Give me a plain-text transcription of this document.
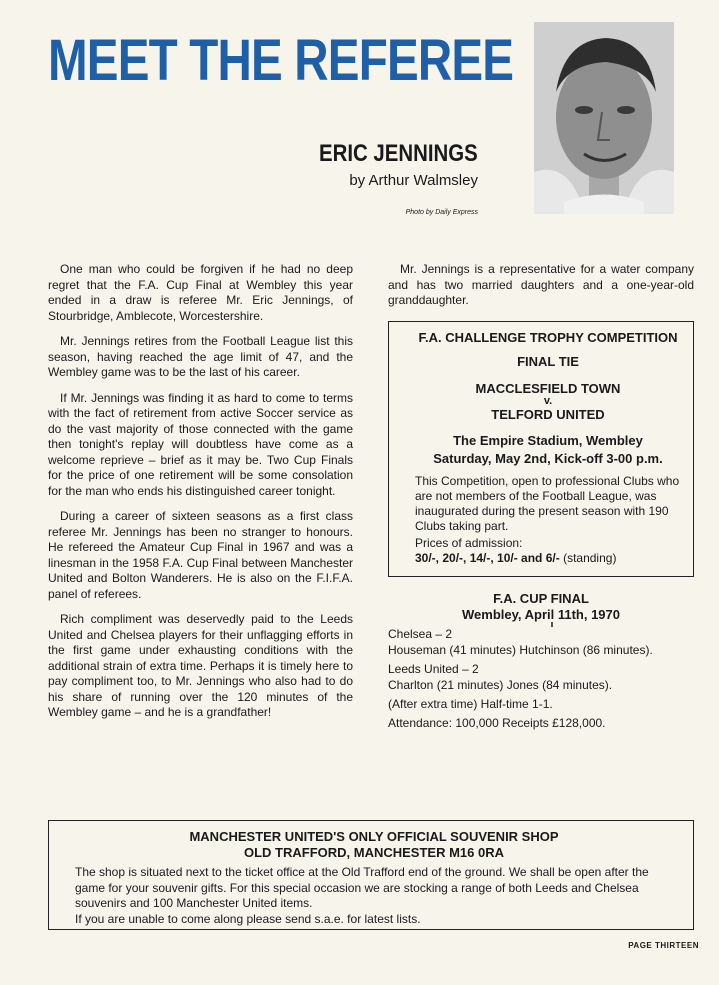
MEET THE REFEREE
ERIC JENNINGS
by Arthur Walmsley
Photo by Daily Express

One man who could be forgiven if he had no deep regret that the F.A. Cup Final at Wembley this year ended in a draw is referee Mr. Eric Jennings, of Stourbridge, Amblecote, Worcestershire.

Mr. Jennings retires from the Football League list this season, having reached the age limit of 47, and the Wembley game was to be the last of his career.

If Mr. Jennings was finding it as hard to come to terms with the fact of retirement from active Soccer service as do the vast majority of those connected with the game then tonight's replay will doubtless have come as a welcome reprieve – brief as it may be. Two Cup Finals for the price of one retirement will be some consolation for the man who ends his distinguished career tonight.

During a career of sixteen seasons as a first class referee Mr. Jennings has been no stranger to honours. He refereed the Amateur Cup Final in 1967 and was a linesman in the 1958 F.A. Cup Final between Manchester United and Bolton Wanderers. He is also on the F.I.F.A. panel of referees.

Rich compliment was deservedly paid to the Leeds United and Chelsea players for their unflagging efforts in the first game under exhausting conditions with the additional strain of extra time. Perhaps it is timely here to pay compliment too, to Mr. Jennings who also had to do his share of running over the 120 minutes of the Wembley game – and he is a grandfather!

Mr. Jennings is a representative for a water company and has two married daughters and a one-year-old granddaughter.

F.A. CHALLENGE TROPHY COMPETITION
FINAL TIE
MACCLESFIELD TOWN
v.
TELFORD UNITED
The Empire Stadium, Wembley
Saturday, May 2nd, Kick-off 3-00 p.m.
This Competition, open to professional Clubs who are not members of the Football League, was inaugurated during the present season with 190 Clubs taking part.
Prices of admission:
30/-, 20/-, 14/-, 10/- and 6/- (standing)
F.A. CUP FINAL
Wembley, April 11th, 1970
Chelsea – 2
Houseman (41 minutes) Hutchinson (86 minutes).
Leeds United – 2
Charlton (21 minutes) Jones (84 minutes).
(After extra time) Half-time 1-1.
Attendance: 100,000 Receipts £128,000.
MANCHESTER UNITED'S ONLY OFFICIAL SOUVENIR SHOP
OLD TRAFFORD, MANCHESTER M16 0RA
The shop is situated next to the ticket office at the Old Trafford end of the ground. We shall be open after the game for your souvenir gifts. For this special occasion we are stocking a range of both Leeds and Chelsea souvenirs and 100 Manchester United items.
If you are unable to come along please send s.a.e. for latest lists.
PAGE THIRTEEN
